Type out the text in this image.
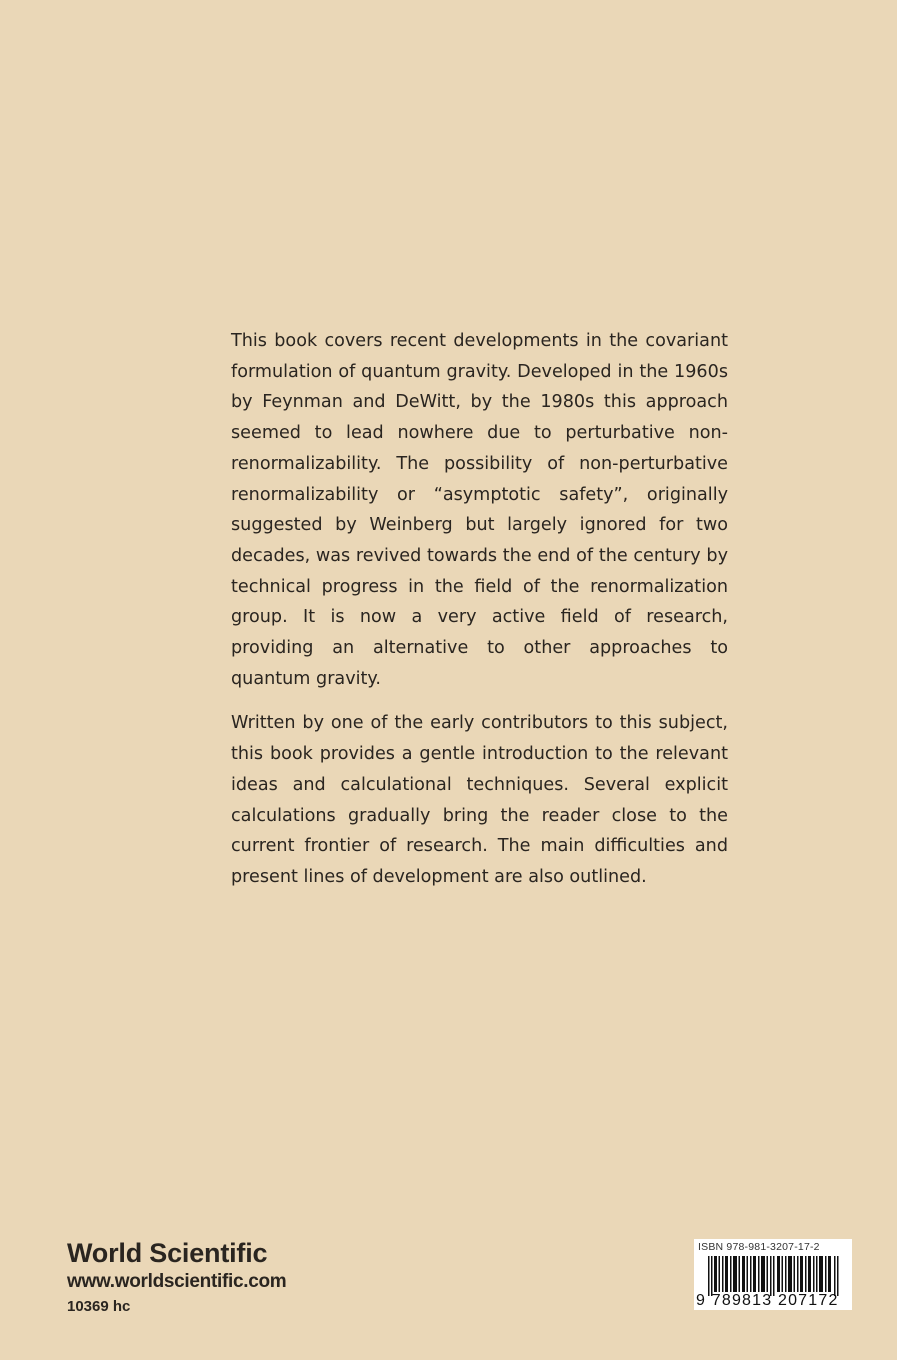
This book covers recent developments in the covariant formulation of quantum gravity. Developed in the 1960s by Feynman and DeWitt, by the 1980s this approach seemed to lead nowhere due to perturbative non-renormalizability. The possibility of non-perturbative renormalizability or “asymptotic safety”, originally suggested by Weinberg but largely ignored for two decades, was revived towards the end of the century by technical progress in the field of the renormalization group. It is now a very active field of research, providing an alternative to other approaches to quantum gravity.

Written by one of the early contributors to this subject, this book provides a gentle introduction to the relevant ideas and calculational techniques. Several explicit calculations gradually bring the reader close to the current frontier of research. The main difficulties and present lines of development are also outlined.

World Scientific
www.worldscientific.com
10369 hc
ISBN 978-981-3207-17-2
9 789813 207172
